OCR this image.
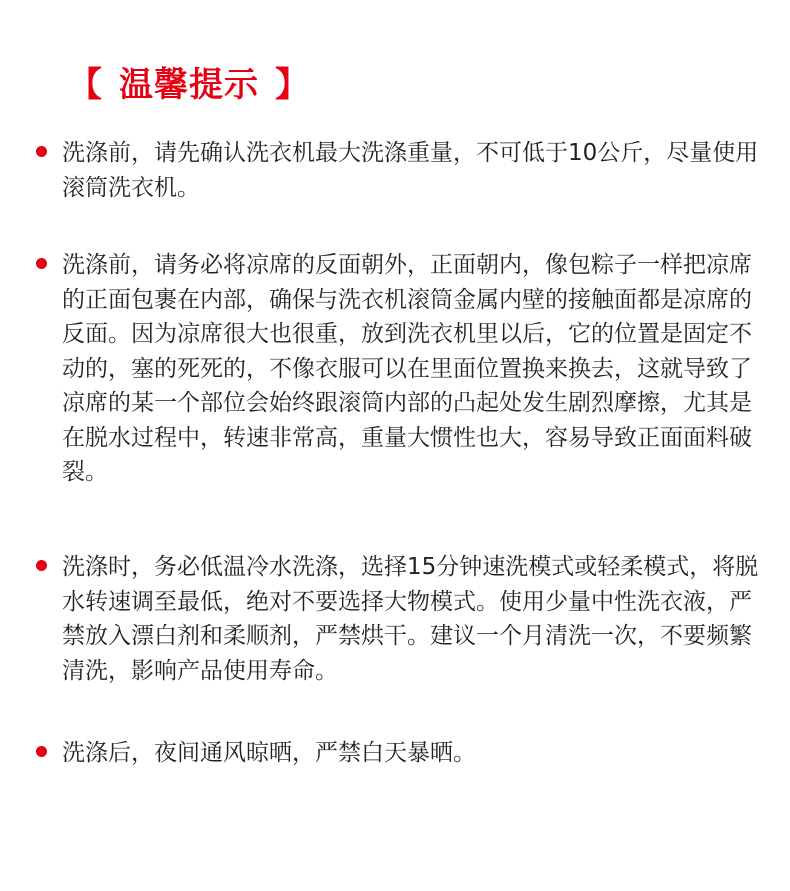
【 温馨提示 】
洗涤前，请先确认洗衣机最大洗涤重量，不可低于10公斤，尽量使用滚筒洗衣机。
洗涤前，请务必将凉席的反面朝外，正面朝内，像包粽子一样把凉席的正面包裹在内部，确保与洗衣机滚筒金属内壁的接触面都是凉席的反面。因为凉席很大也很重，放到洗衣机里以后，它的位置是固定不动的，塞的死死的，不像衣服可以在里面位置换来换去，这就导致了凉席的某一个部位会始终跟滚筒内部的凸起处发生剧烈摩擦，尤其是在脱水过程中，转速非常高，重量大惯性也大，容易导致正面面料破裂。
洗涤时，务必低温冷水洗涤，选择15分钟速洗模式或轻柔模式，将脱水转速调至最低，绝对不要选择大物模式。使用少量中性洗衣液，严禁放入漂白剂和柔顺剂，严禁烘干。建议一个月清洗一次，不要频繁清洗，影响产品使用寿命。
洗涤后，夜间通风晾晒，严禁白天暴晒。
